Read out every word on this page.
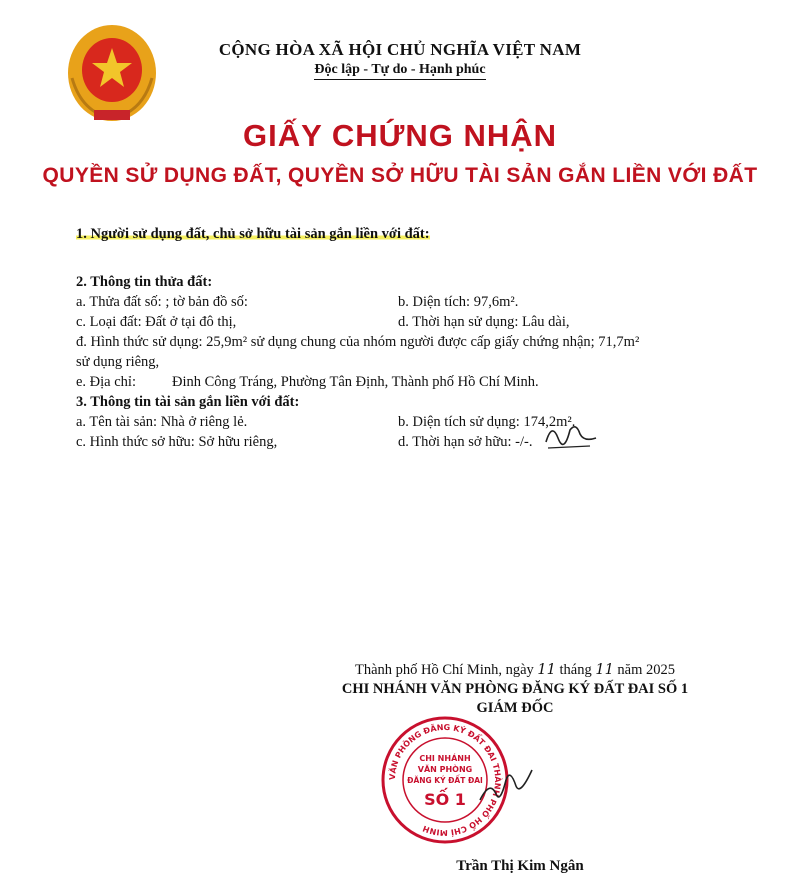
CỘNG HÒA XÃ HỘI CHỦ NGHĨA VIỆT NAM
Độc lập - Tự do - Hạnh phúc
GIẤY CHỨNG NHẬN
QUYỀN SỬ DỤNG ĐẤT, QUYỀN SỞ HỮU TÀI SẢN GẮN LIỀN VỚI ĐẤT
1. Người sử dụng đất, chủ sở hữu tài sản gắn liền với đất:
2. Thông tin thửa đất:
a. Thửa đất số: ; tờ bản đồ số:	b. Diện tích: 97,6m².
c. Loại đất: Đất ở tại đô thị,	d. Thời hạn sử dụng: Lâu dài,
đ. Hình thức sử dụng: 25,9m² sử dụng chung của nhóm người được cấp giấy chứng nhận; 71,7m²
sử dụng riêng,
e. Địa chỉ:	Đinh Công Tráng, Phường Tân Định, Thành phố Hồ Chí Minh.
3. Thông tin tài sản gắn liền với đất:
a. Tên tài sản: Nhà ở riêng lẻ.	b. Diện tích sử dụng: 174,2m².
c. Hình thức sở hữu: Sở hữu riêng,	d. Thời hạn sở hữu: -/-.
Thành phố Hồ Chí Minh, ngày 11 tháng 11 năm 2025
CHI NHÁNH VĂN PHÒNG ĐĂNG KÝ ĐẤT ĐAI SỐ 1
GIÁM ĐỐC
VĂN PHÒNG ĐĂNG KÝ ĐẤT ĐAI THÀNH PHỐ HỒ CHÍ MINH
CHI NHÁNH
VĂN PHÒNG
ĐĂNG KÝ ĐẤT ĐAI
SỐ 1
Trần Thị Kim Ngân
